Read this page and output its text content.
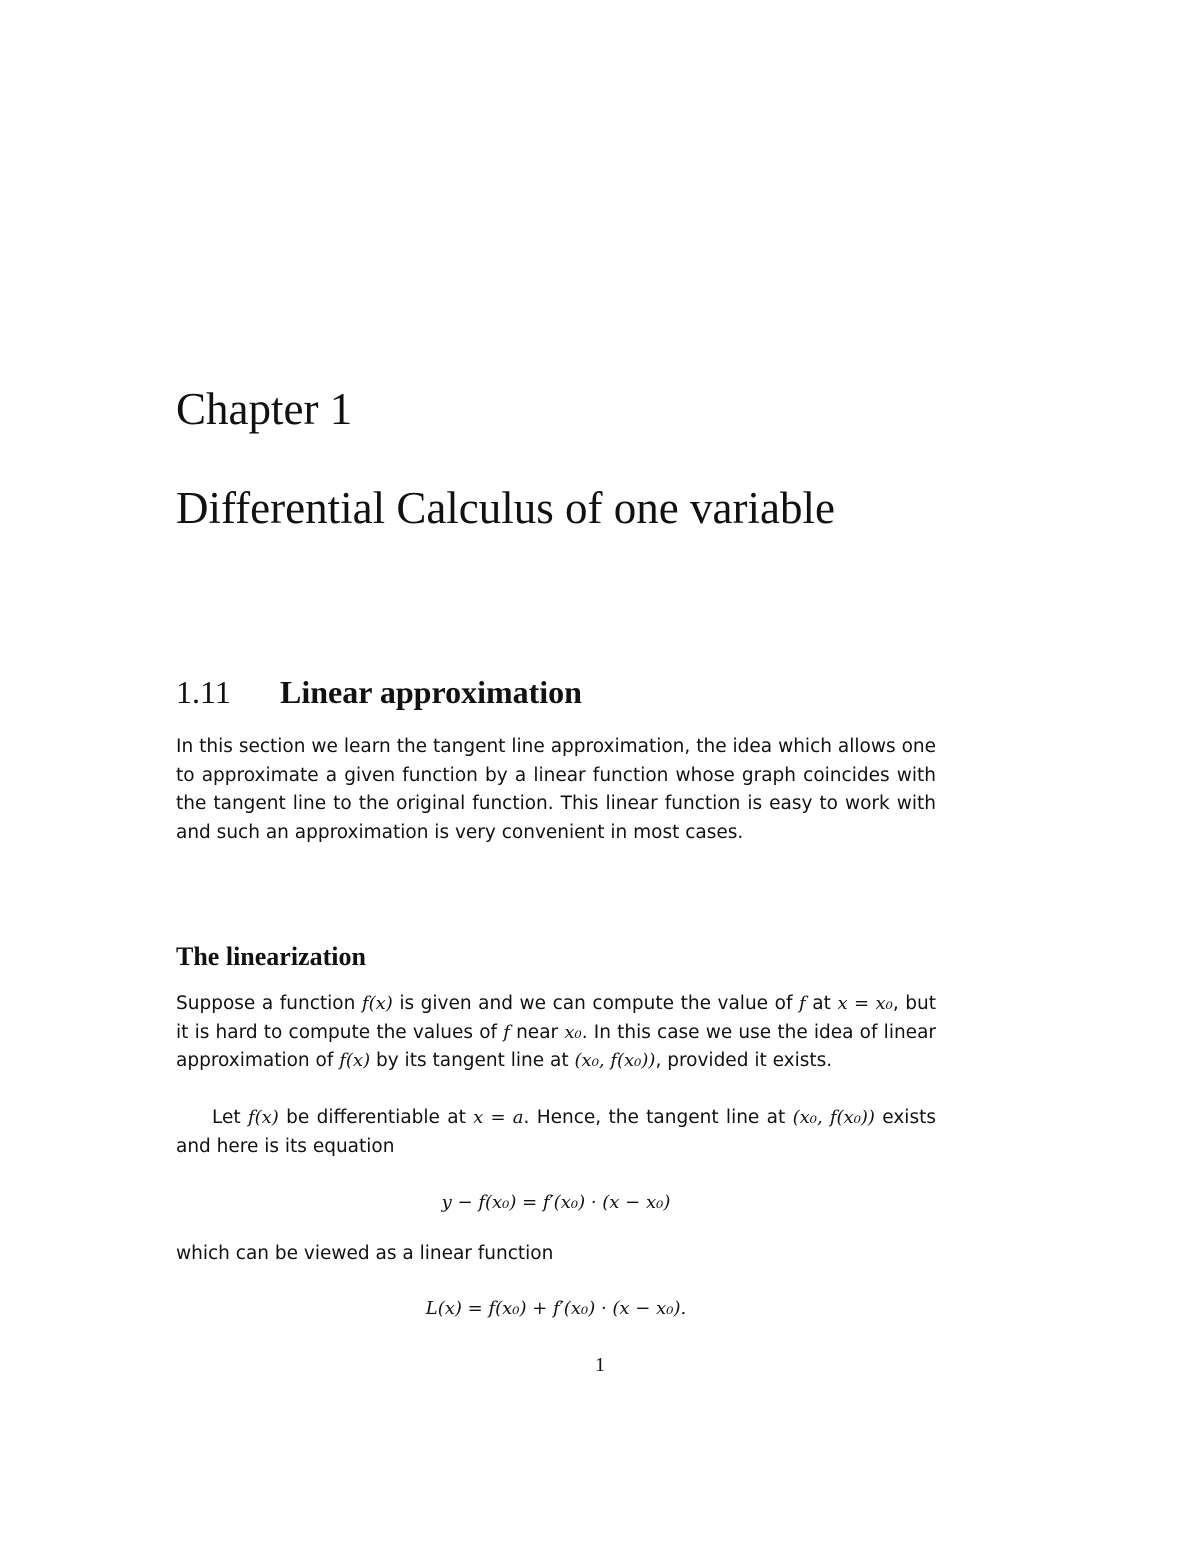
Chapter 1
Differential Calculus of one variable
1.11 Linear approximation

In this section we learn the tangent line approximation, the idea which allows one to approximate a given function by a linear function whose graph coincides with the tangent line to the original function. This linear function is easy to work with and such an approximation is very convenient in most cases.

The linearization

Suppose a function f(x) is given and we can compute the value of f at x = x₀, but it is hard to compute the values of f near x₀. In this case we use the idea of linear approximation of f(x) by its tangent line at (x₀, f(x₀)), provided it exists.

Let f(x) be differentiable at x = a. Hence, the tangent line at (x₀, f(x₀)) exists and here is its equation

y − f(x₀) = f′(x₀) · (x − x₀)

which can be viewed as a linear function

L(x) = f(x₀) + f′(x₀) · (x − x₀).
1
